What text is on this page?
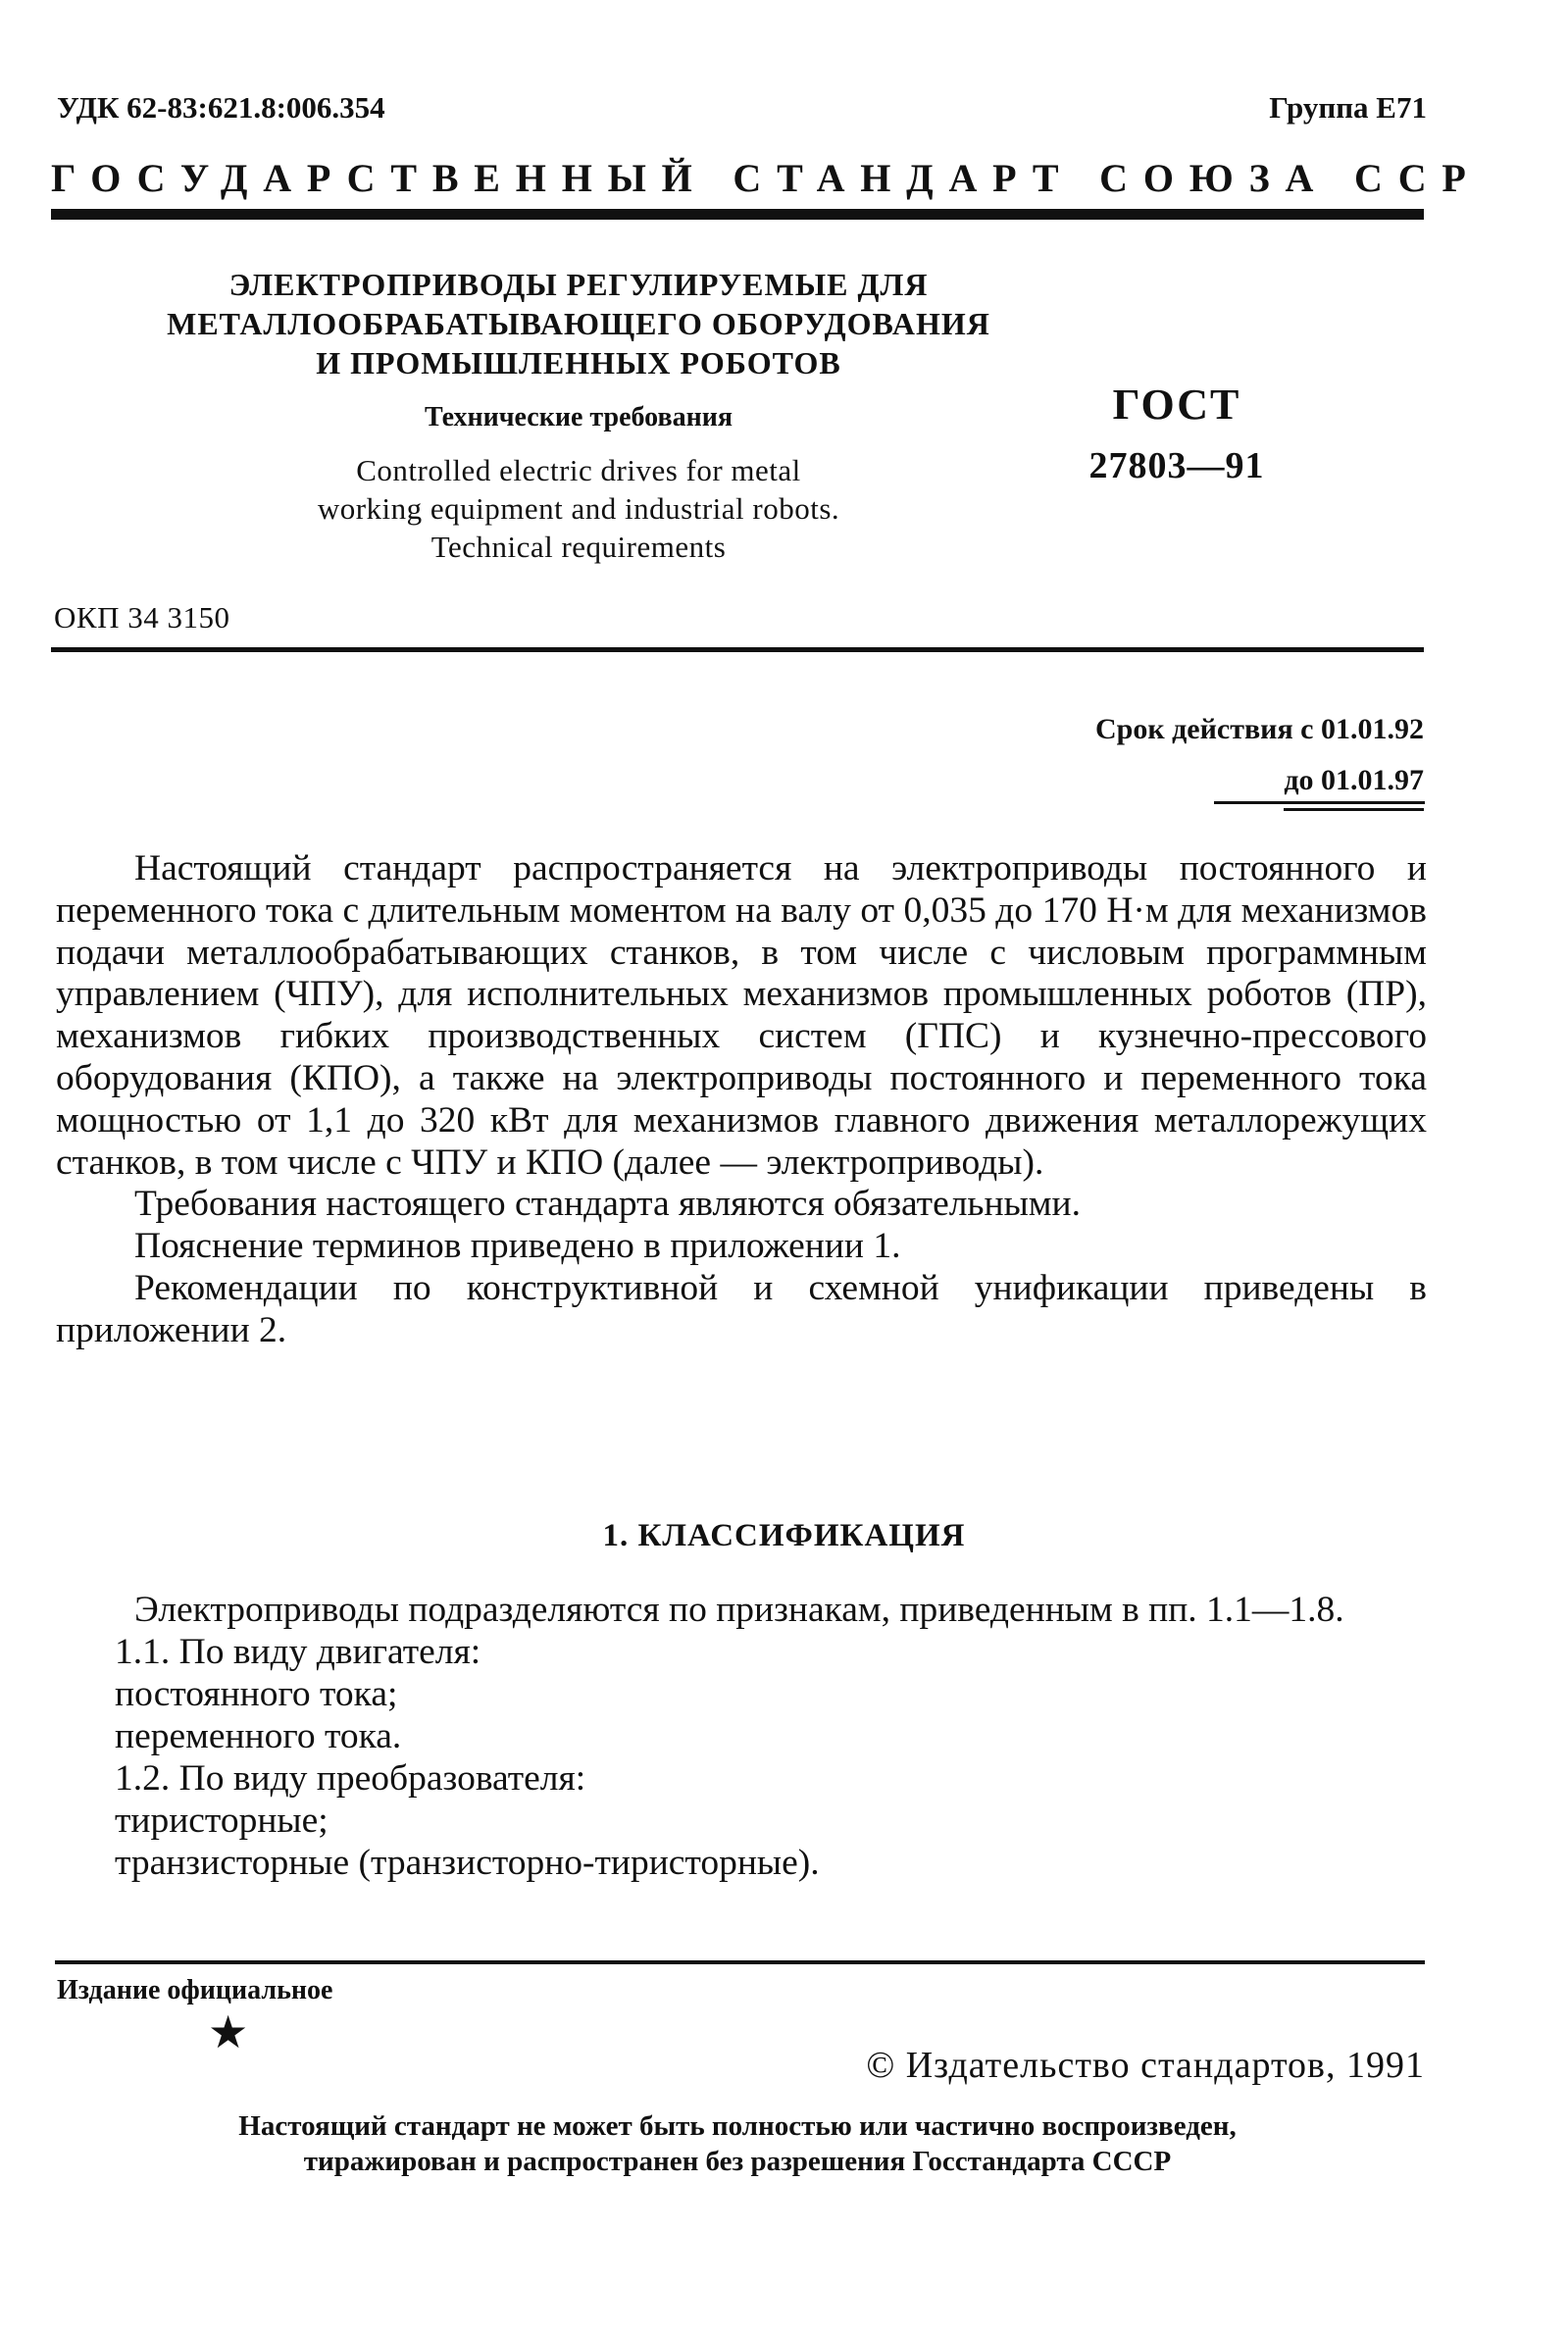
УДК 62-83:621.8:006.354	Группа Е71
ГОСУДАРСТВЕННЫЙ СТАНДАРТ СОЮЗА ССР
ЭЛЕКТРОПРИВОДЫ РЕГУЛИРУЕМЫЕ ДЛЯ
МЕТАЛЛООБРАБАТЫВАЮЩЕГО ОБОРУДОВАНИЯ
И ПРОМЫШЛЕННЫХ РОБОТОВ
Технические требования
Controlled electric drives for metal
working equipment and industrial robots.
Technical requirements
ГОСТ
27803—91
ОКП 34 3150
Срок действия с 01.01.92
до 01.01.97

Настоящий стандарт распространяется на электроприводы постоянного и переменного тока с длительным моментом на валу от 0,035 до 170 Н·м для механизмов подачи металлообрабатывающих станков, в том числе с числовым программным управлением (ЧПУ), для исполнительных механизмов промышленных роботов (ПР), механизмов гибких производственных систем (ГПС) и кузнечно-прессового оборудования (КПО), а также на электроприводы постоянного и переменного тока мощностью от 1,1 до 320 кВт для механизмов главного движения металлорежущих станков, в том числе с ЧПУ и КПО (далее — электроприводы).

Требования настоящего стандарта являются обязательными.

Пояснение терминов приведено в приложении 1.

Рекомендации по конструктивной и схемной унификации приведены в приложении 2.

1. КЛАССИФИКАЦИЯ

Электроприводы подразделяются по признакам, приведенным в пп. 1.1—1.8.

1.1. По виду двигателя:

постоянного тока;

переменного тока.

1.2. По виду преобразователя:

тиристорные;

транзисторные (транзисторно-тиристорные).

Издание официальное
★
© Издательство стандартов, 1991
Настоящий стандарт не может быть полностью или частично воспроизведен,
тиражирован и распространен без разрешения Госстандарта СССР
